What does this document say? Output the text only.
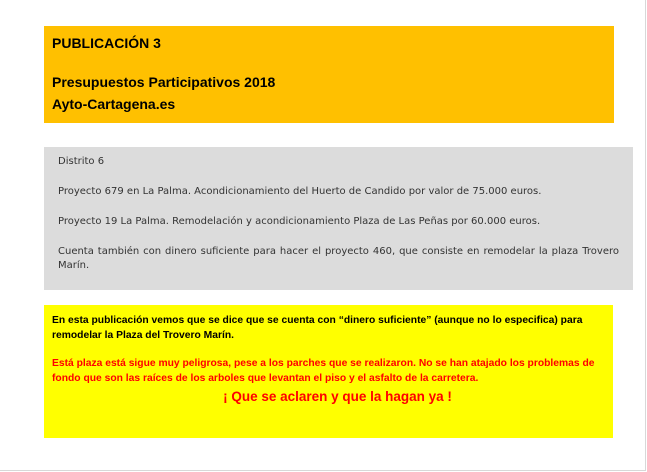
PUBLICACIÓN 3

Presupuestos Participativos 2018

Ayto-Cartagena.es

Distrito 6

Proyecto 679 en La Palma. Acondicionamiento del Huerto de Candido por valor de 75.000 euros.

Proyecto 19 La Palma. Remodelación y acondicionamiento Plaza de Las Peñas por 60.000 euros.

Cuenta también con dinero suficiente para hacer el proyecto 460, que consiste en remodelar la plaza Trovero Marín.

En esta publicación vemos que se dice que se cuenta con “dinero suficiente” (aunque no lo especifica) para remodelar la Plaza del Trovero Marín.

Está plaza está sigue muy peligrosa, pese a los parches que se realizaron. No se han atajado los problemas de fondo que son las raíces de los arboles que levantan el piso y el asfalto de la carretera.

¡ Que se aclaren y que la hagan ya !
